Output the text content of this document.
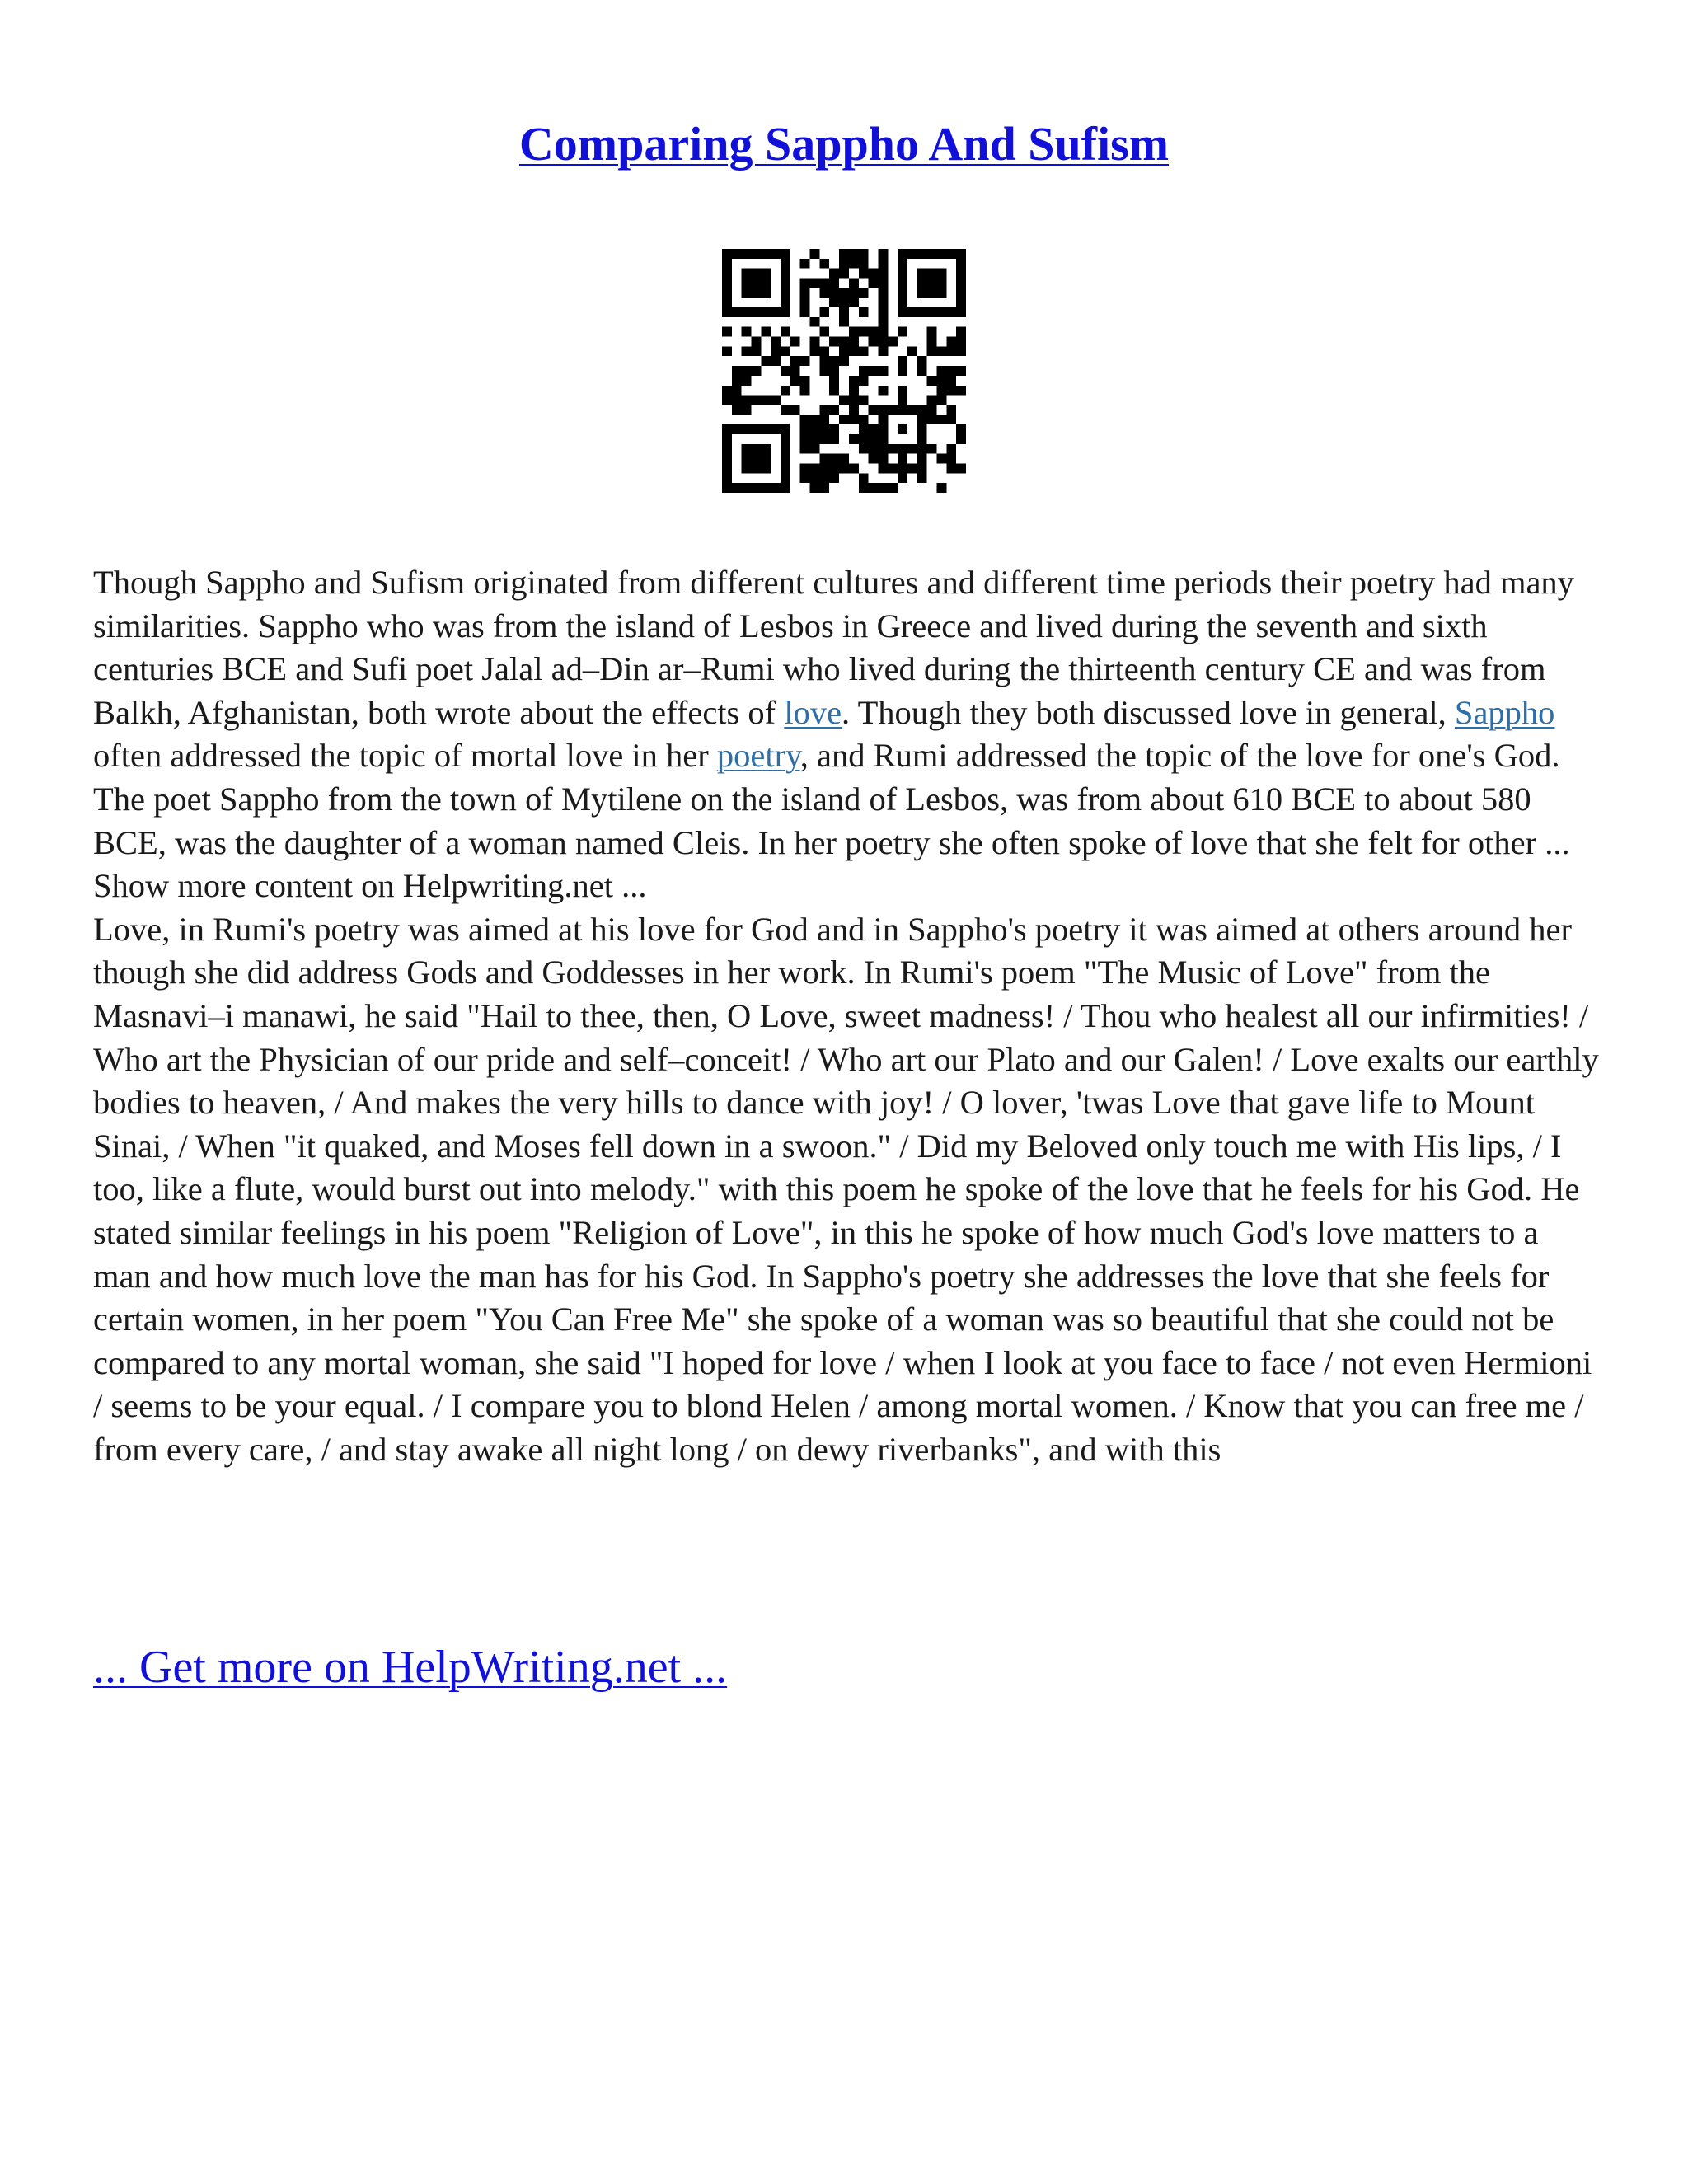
Comparing Sappho And Sufism

Though Sappho and Sufism originated from different cultures and different time periods their poetry had many similarities. Sappho who was from the island of Lesbos in Greece and lived during the seventh and sixth centuries BCE and Sufi poet Jalal ad–Din ar–Rumi who lived during the thirteenth century CE and was from Balkh, Afghanistan, both wrote about the effects of love. Though they both discussed love in general, Sappho often addressed the topic of mortal love in her poetry, and Rumi addressed the topic of the love for one's God.

The poet Sappho from the town of Mytilene on the island of Lesbos, was from about 610 BCE to about 580 BCE, was the daughter of a woman named Cleis. In her poetry she often spoke of love that she felt for other ... Show more content on Helpwriting.net ...

Love, in Rumi's poetry was aimed at his love for God and in Sappho's poetry it was aimed at others around her though she did address Gods and Goddesses in her work. In Rumi's poem "The Music of Love" from the Masnavi–i manawi, he said "Hail to thee, then, O Love, sweet madness! / Thou who healest all our infirmities! / Who art the Physician of our pride and self–conceit! / Who art our Plato and our Galen! / Love exalts our earthly bodies to heaven, / And makes the very hills to dance with joy! / O lover, 'twas Love that gave life to Mount Sinai, / When "it quaked, and Moses fell down in a swoon." / Did my Beloved only touch me with His lips, / I too, like a flute, would burst out into melody." with this poem he spoke of the love that he feels for his God. He stated similar feelings in his poem "Religion of Love", in this he spoke of how much God's love matters to a man and how much love the man has for his God. In Sappho's poetry she addresses the love that she feels for certain women, in her poem "You Can Free Me" she spoke of a woman was so beautiful that she could not be compared to any mortal woman, she said "I hoped for love / when I look at you face to face / not even Hermioni / seems to be your equal. / I compare you to blond Helen / among mortal women. / Know that you can free me / from every care, / and stay awake all night long / on dewy riverbanks", and with this

... Get more on HelpWriting.net ...
